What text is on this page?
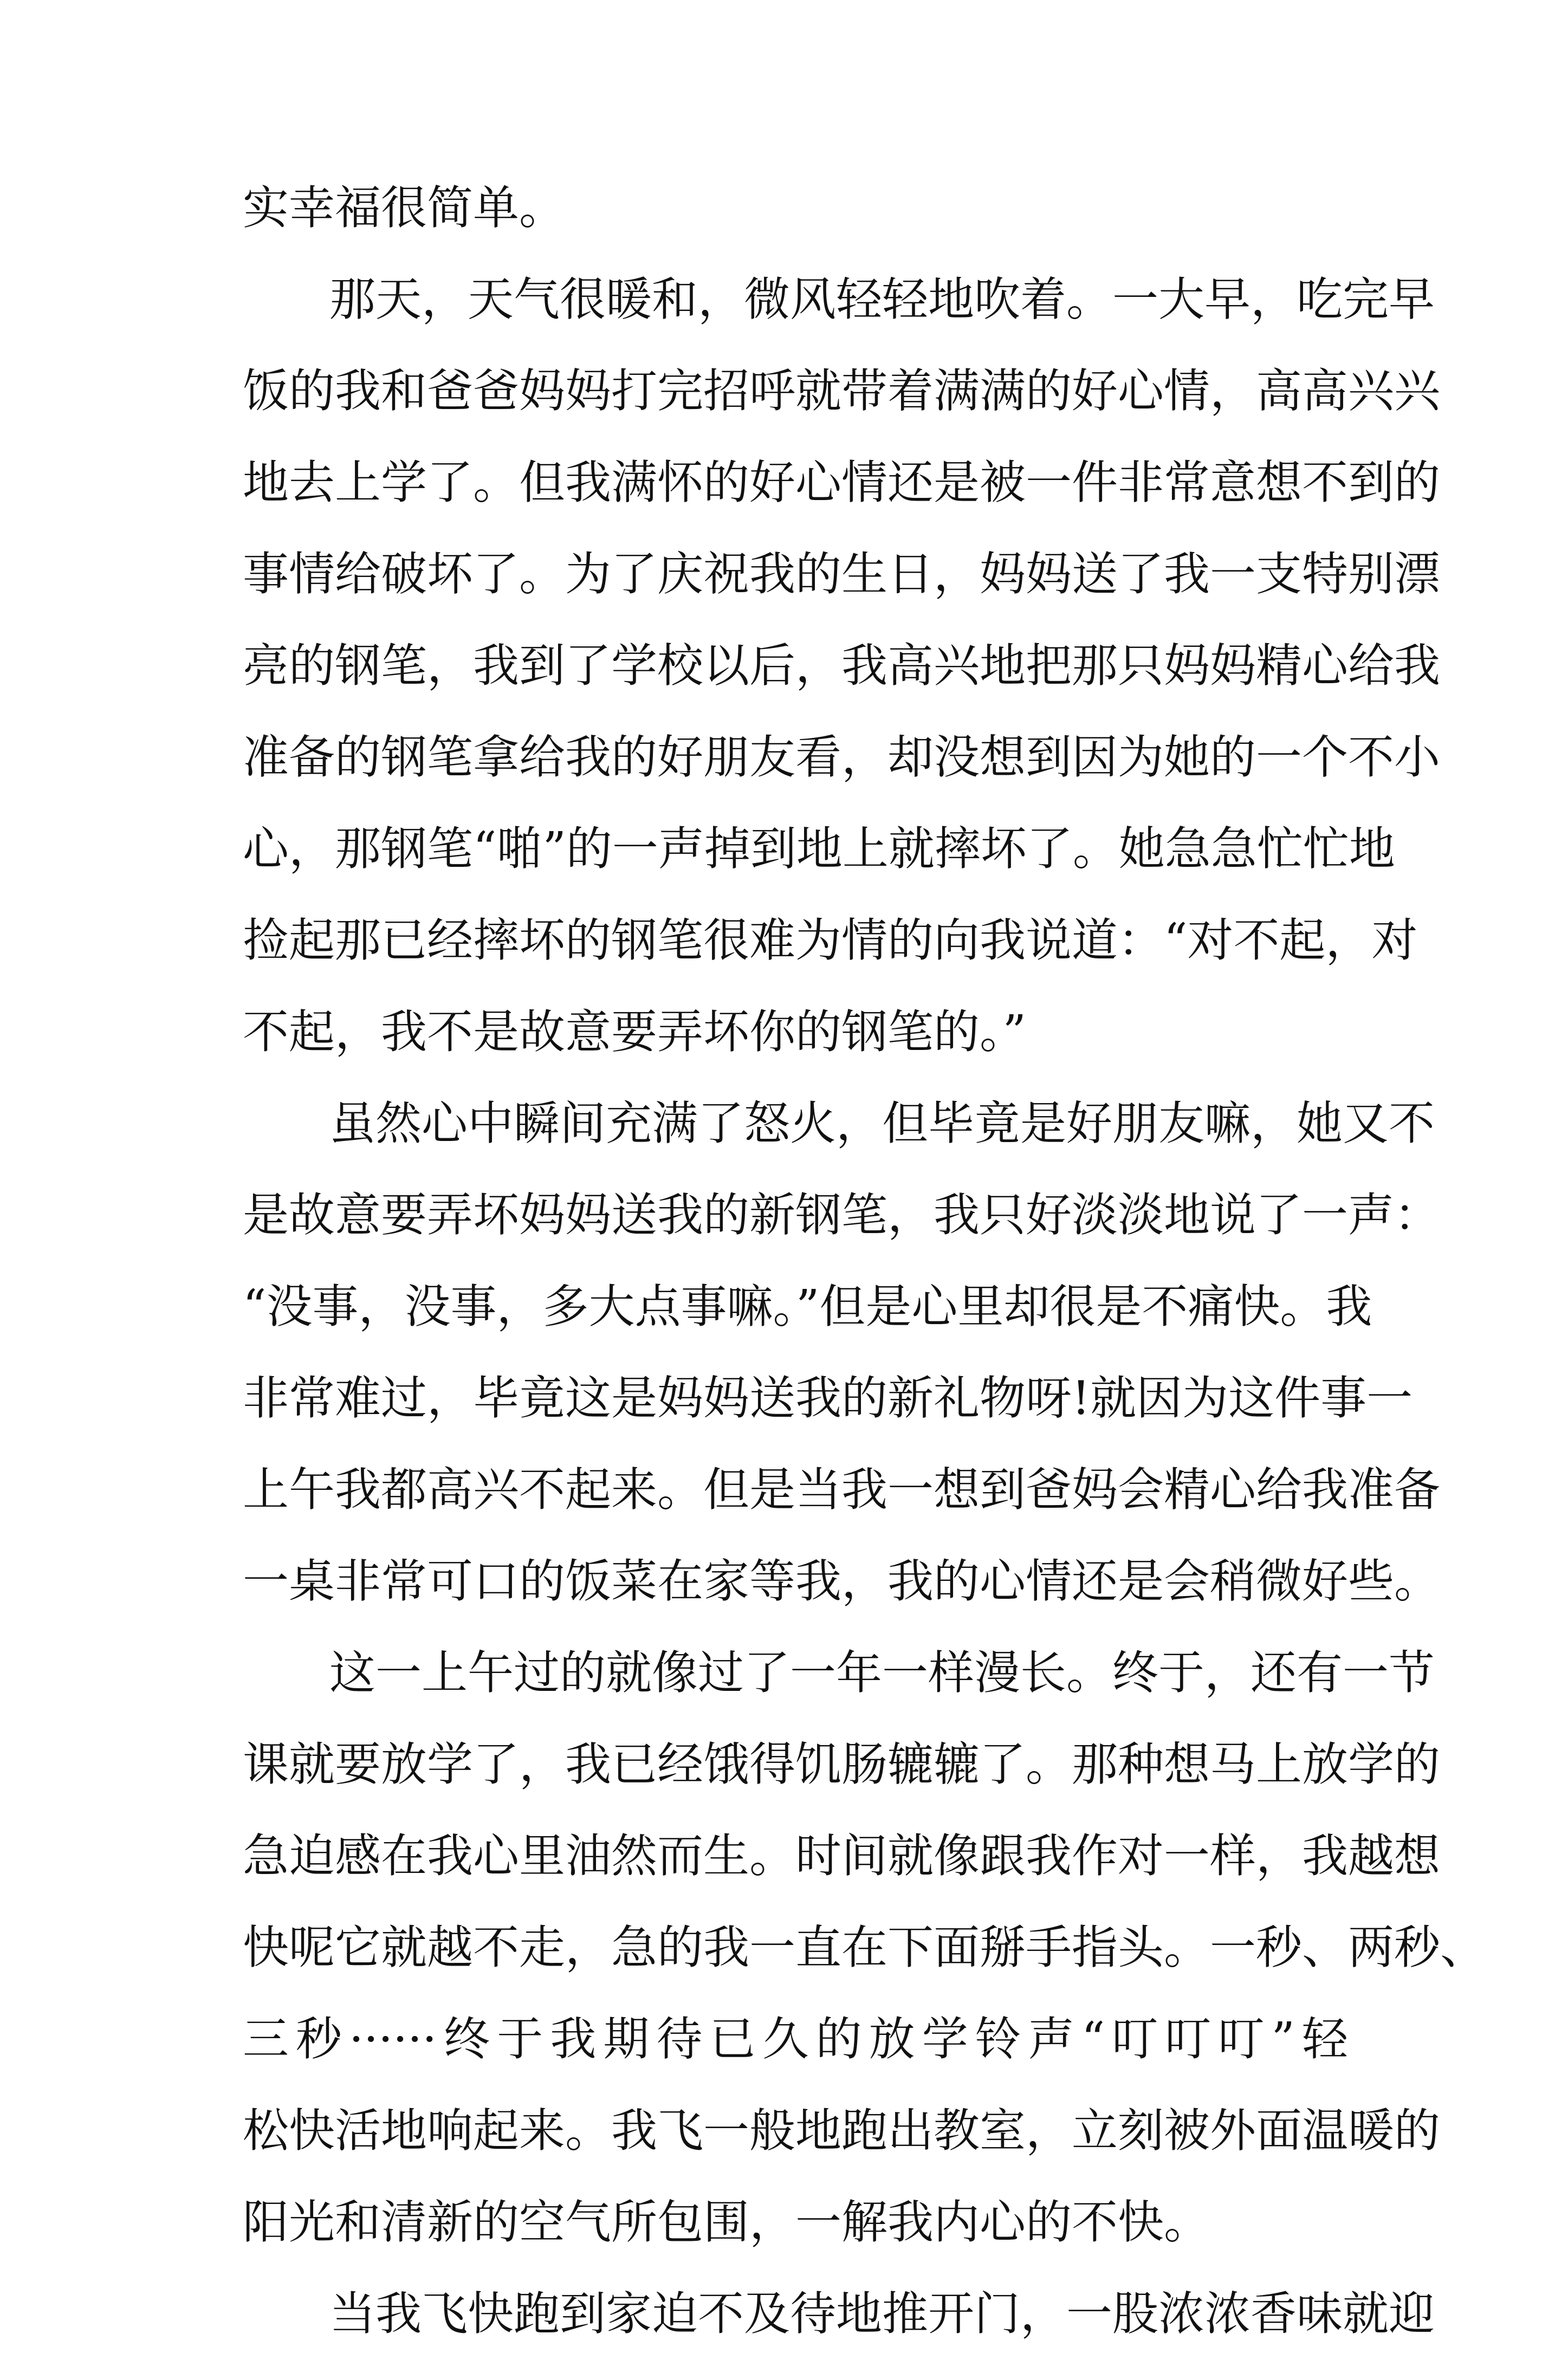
实幸福很简单。
那天，天气很暖和，微风轻轻地吹着。一大早，吃完早
饭的我和爸爸妈妈打完招呼就带着满满的好心情，高高兴兴
地去上学了。但我满怀的好心情还是被一件非常意想不到的
事情给破坏了。为了庆祝我的生日，妈妈送了我一支特别漂
亮的钢笔，我到了学校以后，我高兴地把那只妈妈精心给我
准备的钢笔拿给我的好朋友看，却没想到因为她的一个不小
心，那钢笔“啪”的一声掉到地上就摔坏了。她急急忙忙地
捡起那已经摔坏的钢笔很难为情的向我说道：“对不起，对
不起，我不是故意要弄坏你的钢笔的。”
虽然心中瞬间充满了怒火，但毕竟是好朋友嘛，她又不
是故意要弄坏妈妈送我的新钢笔，我只好淡淡地说了一声：
“没事，没事，多大点事嘛。”但是心里却很是不痛快。我
非常难过，毕竟这是妈妈送我的新礼物呀!就因为这件事一
上午我都高兴不起来。但是当我一想到爸妈会精心给我准备
一桌非常可口的饭菜在家等我，我的心情还是会稍微好些。
这一上午过的就像过了一年一样漫长。终于，还有一节
课就要放学了，我已经饿得饥肠辘辘了。那种想马上放学的
急迫感在我心里油然而生。时间就像跟我作对一样，我越想
快呢它就越不走，急的我一直在下面掰手指头。一秒、两秒、
三秒······终于我期待已久的放学铃声“叮叮叮”轻
松快活地响起来。我飞一般地跑出教室，立刻被外面温暖的
阳光和清新的空气所包围，一解我内心的不快。
当我飞快跑到家迫不及待地推开门，一股浓浓香味就迎
